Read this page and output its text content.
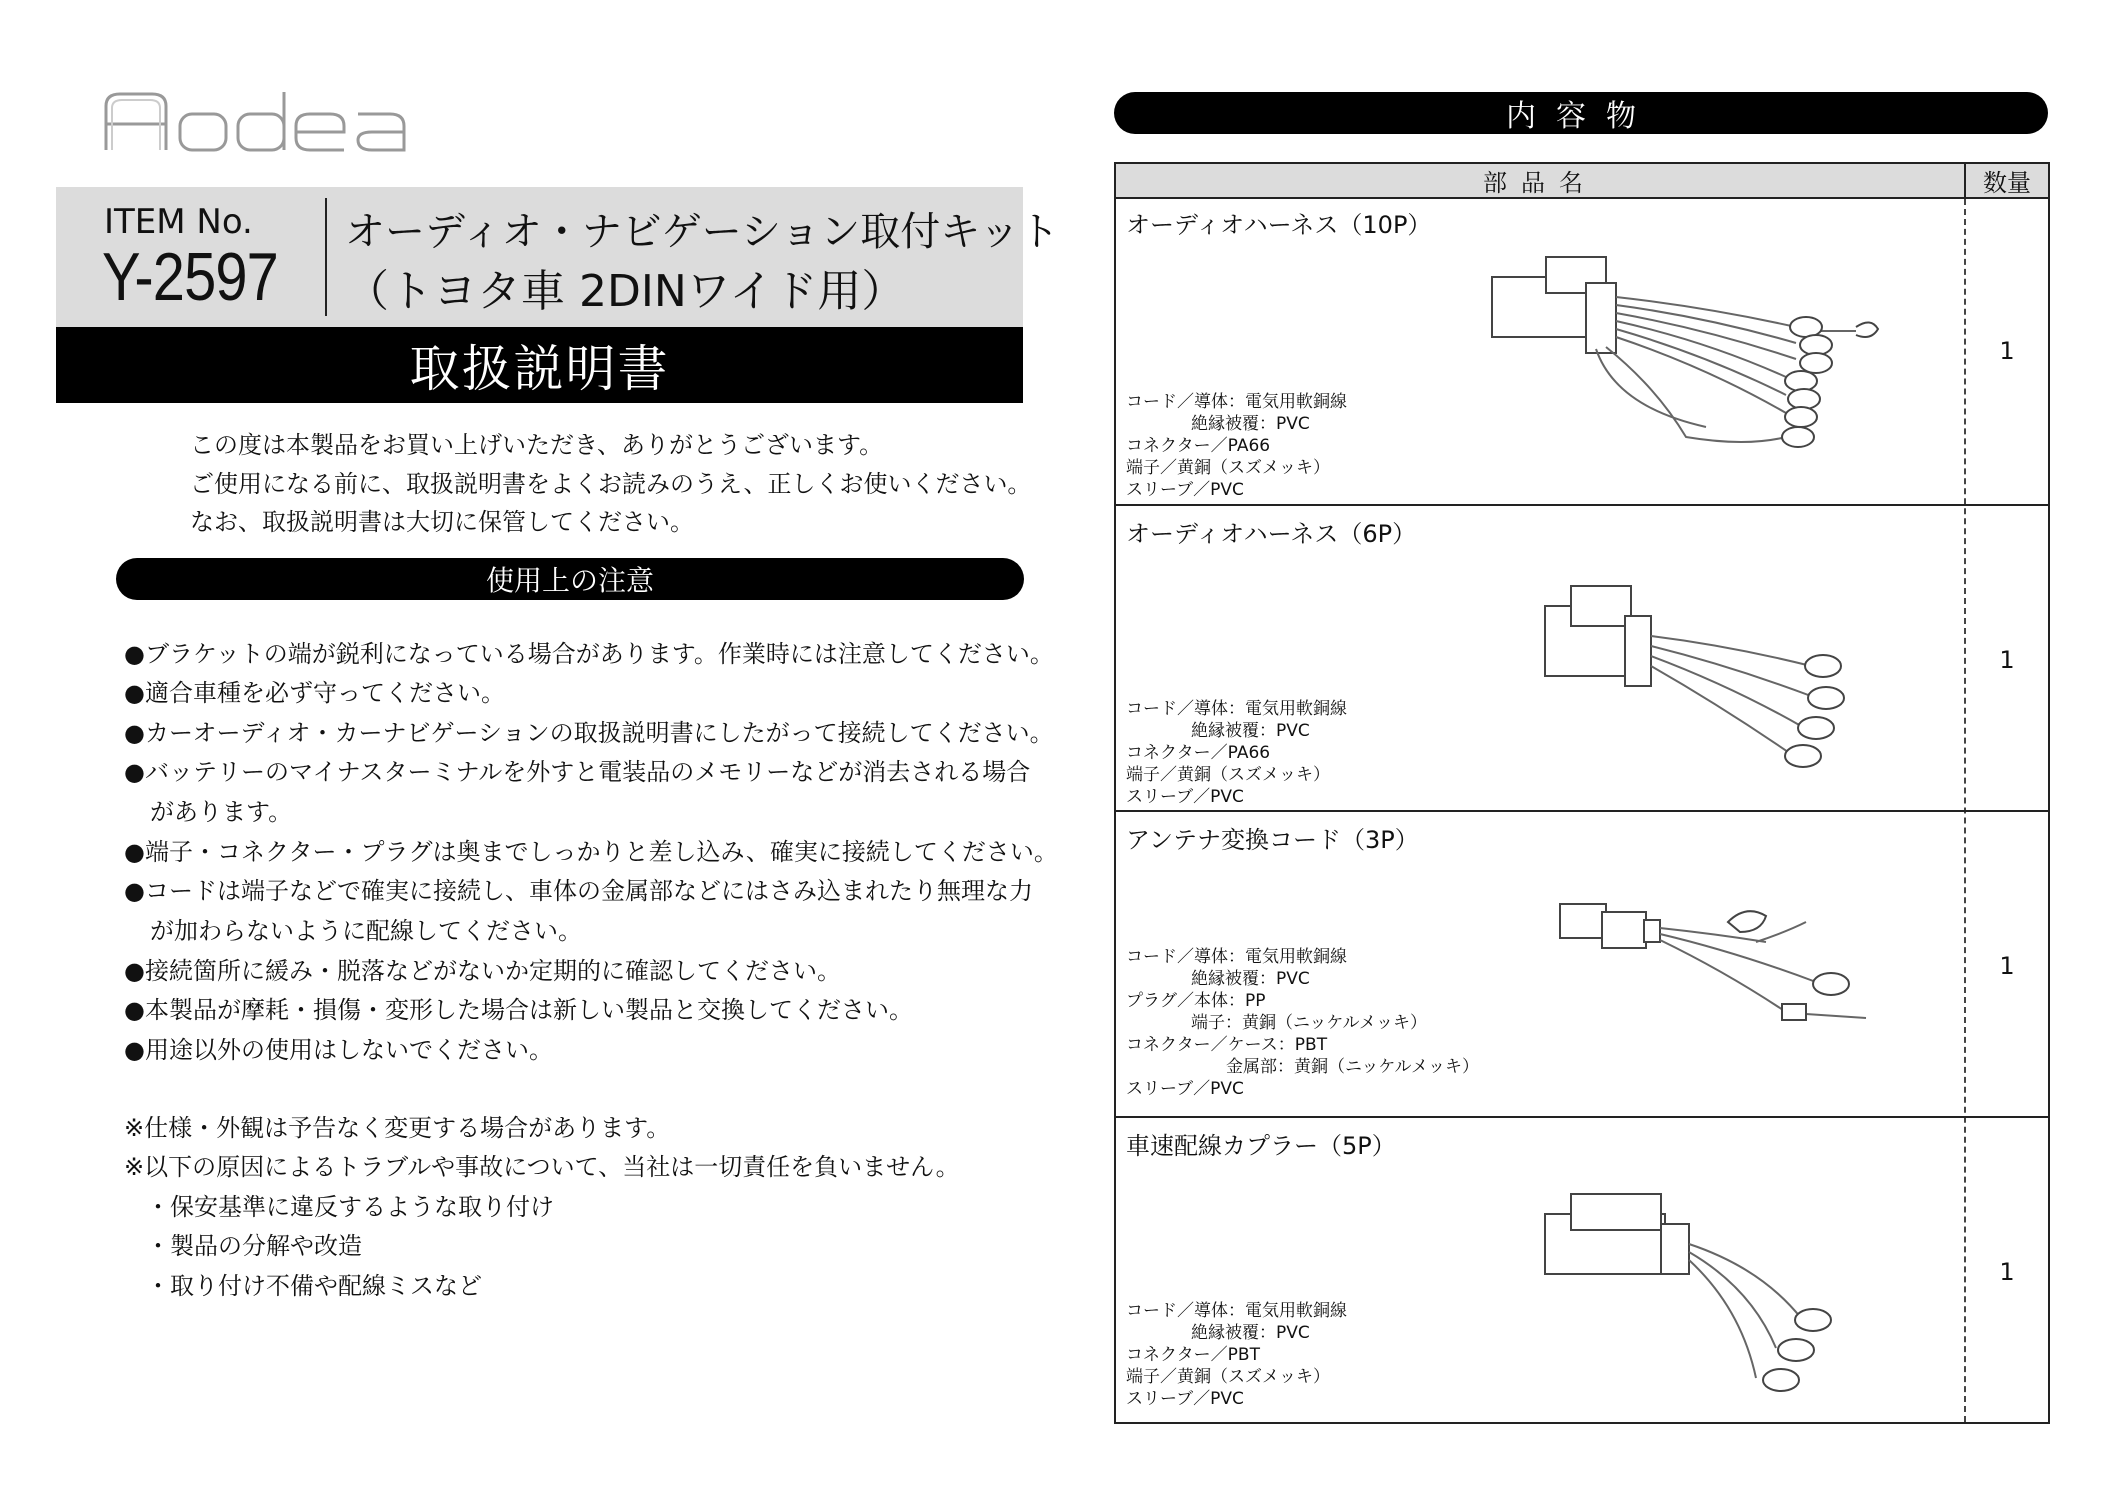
ITEM No.
Y-2597
オーディオ・ナビゲーション取付キット
（トヨタ車 2DINワイド用）
取扱説明書
この度は本製品をお買い上げいただき、ありがとうございます。
ご使用になる前に、取扱説明書をよくお読みのうえ、正しくお使いください。
なお、取扱説明書は大切に保管してください。
使用上の注意
●ブラケットの端が鋭利になっている場合があります。作業時には注意してください。
●適合車種を必ず守ってください。
●カーオーディオ・カーナビゲーションの取扱説明書にしたがって接続してください。
●バッテリーのマイナスターミナルを外すと電装品のメモリーなどが消去される場合
があります。
●端子・コネクター・プラグは奥までしっかりと差し込み、確実に接続してください。
●コードは端子などで確実に接続し、車体の金属部などにはさみ込まれたり無理な力
が加わらないように配線してください。
●接続箇所に緩み・脱落などがないか定期的に確認してください。
●本製品が摩耗・損傷・変形した場合は新しい製品と交換してください。
●用途以外の使用はしないでください。
※仕様・外観は予告なく変更する場合があります。
※以下の原因によるトラブルや事故について、当社は一切責任を負いません。
・保安基準に違反するような取り付け
・製品の分解や改造
・取り付け不備や配線ミスなど
内容物
部品名	数量
オーディオハーネス（10P）
1
コード／導体：電気用軟銅線
絶縁被覆：PVC
コネクター／PA66
端子／黄銅（スズメッキ）
スリーブ／PVC
オーディオハーネス（6P）
1
コード／導体：電気用軟銅線
絶縁被覆：PVC
コネクター／PA66
端子／黄銅（スズメッキ）
スリーブ／PVC
アンテナ変換コード（3P）
1
コード／導体：電気用軟銅線
絶縁被覆：PVC
プラグ／本体：PP
端子：黄銅（ニッケルメッキ）
コネクター／ケース：PBT
金属部：黄銅（ニッケルメッキ）
スリーブ／PVC
車速配線カプラー（5P）
1
コード／導体：電気用軟銅線
絶縁被覆：PVC
コネクター／PBT
端子／黄銅（スズメッキ）
スリーブ／PVC
